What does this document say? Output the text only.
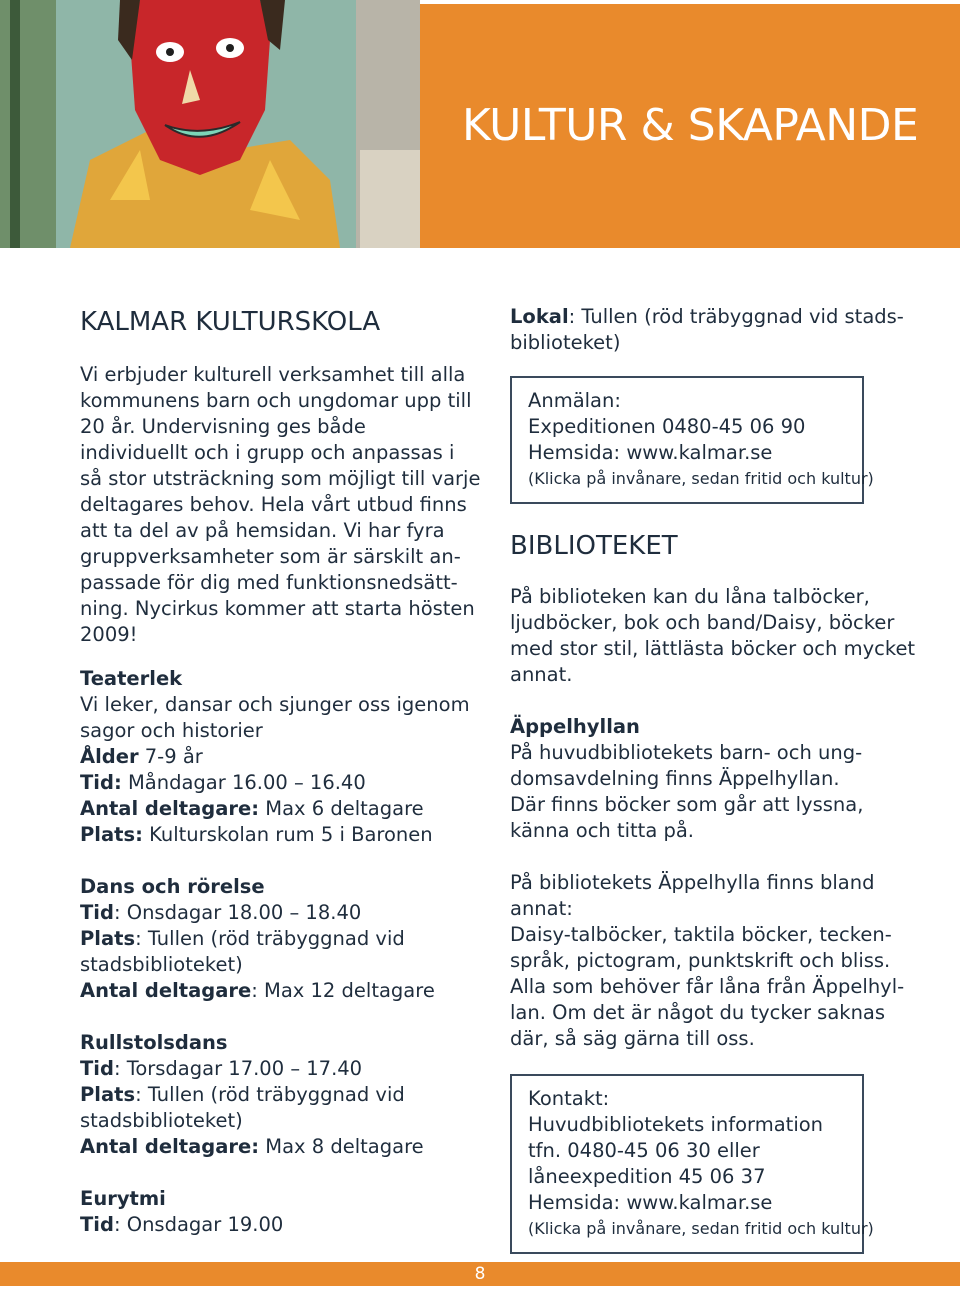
KULTUR & SKAPANDE
KALMAR KULTURSKOLA

Vi erbjuder kulturell verksamhet till alla

kommunens barn och ungdomar upp till

20 år. Undervisning ges både

individuellt och i grupp och anpassas i

så stor utsträckning som möjligt till varje

deltagares behov. Hela vårt utbud finns

att ta del av på hemsidan. Vi har fyra

gruppverksamheter som är särskilt an-

passade för dig med funktionsnedsätt-

ning. Nycirkus kommer att starta hösten

2009!

Teaterlek

Vi leker, dansar och sjunger oss igenom

sagor och historier

Ålder 7-9 år

Tid: Måndagar 16.00 – 16.40

Antal deltagare: Max 6 deltagare

Plats: Kulturskolan rum 5 i Baronen

Dans och rörelse

Tid: Onsdagar 18.00 – 18.40

Plats: Tullen (röd träbyggnad vid

stadsbiblioteket)

Antal deltagare: Max 12 deltagare

Rullstolsdans

Tid: Torsdagar 17.00 – 17.40

Plats: Tullen (röd träbyggnad vid

stadsbiblioteket)

Antal deltagare: Max 8 deltagare

Eurytmi

Tid: Onsdagar 19.00

Lokal: Tullen (röd träbyggnad vid stads-

biblioteket)

Anmälan:

Expeditionen 0480-45 06 90

Hemsida: www.kalmar.se

(Klicka på invånare, sedan fritid och kultur)

BIBLIOTEKET

På biblioteken kan du låna talböcker,

ljudböcker, bok och band/Daisy, böcker

med stor stil, lättlästa böcker och mycket

annat.

Äppelhyllan

På huvudbibliotekets barn- och ung-

domsavdelning finns Äppelhyllan.

Där finns böcker som går att lyssna,

känna och titta på.

På bibliotekets Äppelhylla finns bland

annat:

Daisy-talböcker, taktila böcker, tecken-

språk, pictogram, punktskrift och bliss.

Alla som behöver får låna från Äppelhyl-

lan. Om det är något du tycker saknas

där, så säg gärna till oss.

Kontakt:

Huvudbibliotekets information

tfn. 0480-45 06 30 eller

låneexpedition 45 06 37

Hemsida: www.kalmar.se

(Klicka på invånare, sedan fritid och kultur)

8
